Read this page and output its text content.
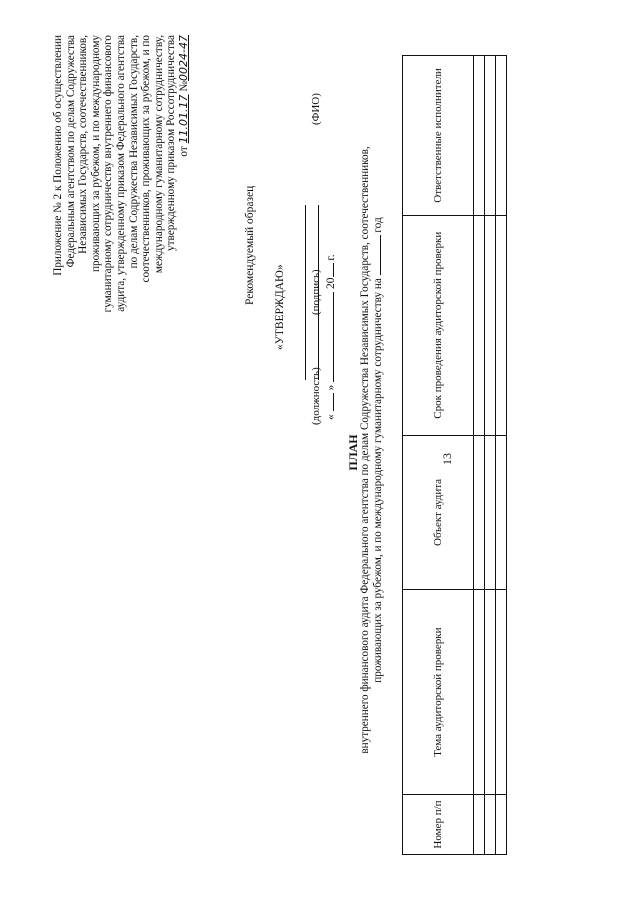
13
Приложение № 2 к Положению об осуществлении Федеральным агентством по делам Содружества Независимых Государств, соотечественников, проживающих за рубежом, и по международному гуманитарному сотрудничеству внутреннего финансового аудита, утвержденному приказом Федерального агентства по делам Содружества Независимых Государств, соотечественников, проживающих за рубежом, и по международному гуманитарному сотрудничеству, утвержденному приказом Россотрудничества от 11.01.17 №0024-47
Рекомендуемый образец
«УТВЕРЖДАЮ»
(должность)
(подпись)
(ФИО)
«  »  20 г.
ПЛАН внутреннего финансового аудита Федерального агентства по делам Содружества Независимых Государств, соотечественников, проживающих за рубежом, и по международному гуманитарному сотрудничеству на  год
Номер п/п	Тема аудиторской проверки	Объект аудита	Срок проведения аудиторской проверки	Ответственные исполнители
